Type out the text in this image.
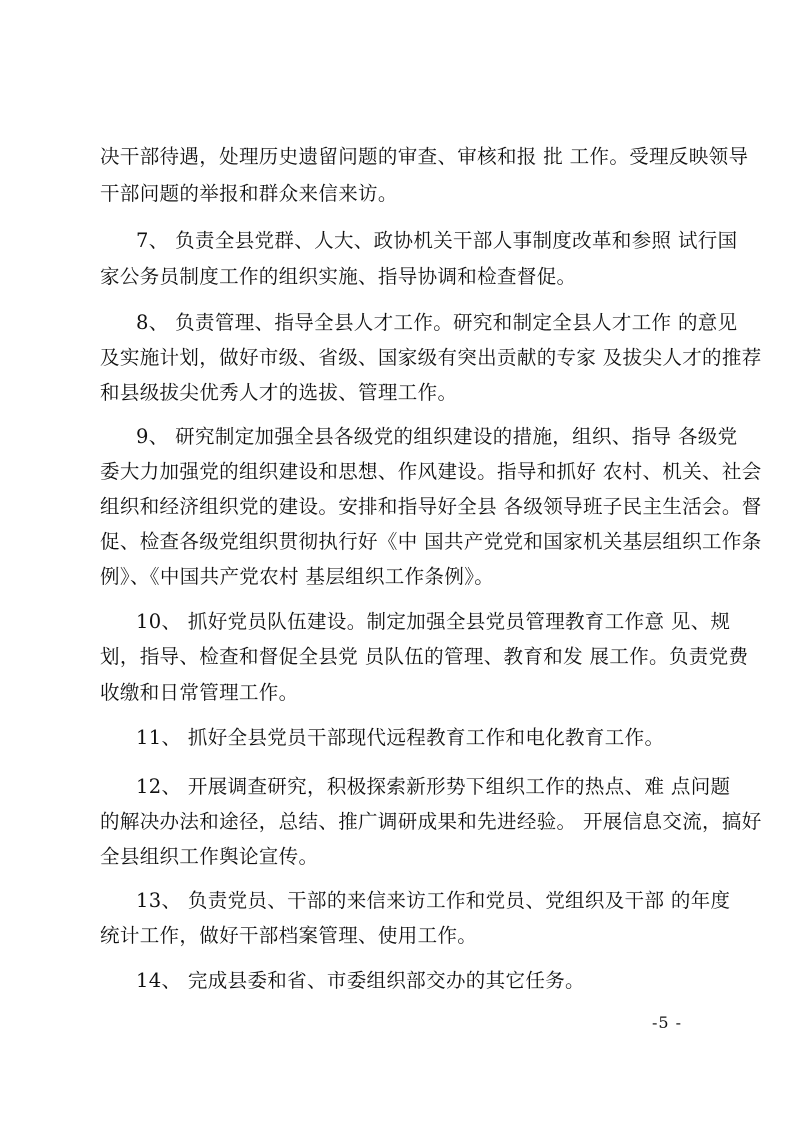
决干部待遇，处理历史遗留问题的审查、审核和报 批 工作。受理反映领导
干部问题的举报和群众来信来访。
7、 负责全县党群、人大、政协机关干部人事制度改革和参照 试行国
家公务员制度工作的组织实施、指导协调和检查督促。
8、 负责管理、指导全县人才工作。研究和制定全县人才工作 的意见
及实施计划，做好市级、省级、国家级有突出贡献的专家 及拔尖人才的推荐
和县级拔尖优秀人才的选拔、管理工作。
9、 研究制定加强全县各级党的组织建设的措施，组织、指导 各级党
委大力加强党的组织建设和思想、作风建设。指导和抓好 农村、机关、社会
组织和经济组织党的建设。安排和指导好全县 各级领导班子民主生活会。督
促、检查各级党组织贯彻执行好《中 国共产党党和国家机关基层组织工作条
例》、《中国共产党农村 基层组织工作条例》。
10、 抓好党员队伍建设。制定加强全县党员管理教育工作意 见、规
划，指导、检查和督促全县党 员队伍的管理、教育和发 展工作。负责党费
收缴和日常管理工作。
11、 抓好全县党员干部现代远程教育工作和电化教育工作。
12、 开展调查研究，积极探索新形势下组织工作的热点、难 点问题
的解决办法和途径，总结、推广调研成果和先进经验。 开展信息交流，搞好
全县组织工作舆论宣传。
13、 负责党员、干部的来信来访工作和党员、党组织及干部 的年度
统计工作，做好干部档案管理、使用工作。
14、 完成县委和省、市委组织部交办的其它任务。
-5 -
